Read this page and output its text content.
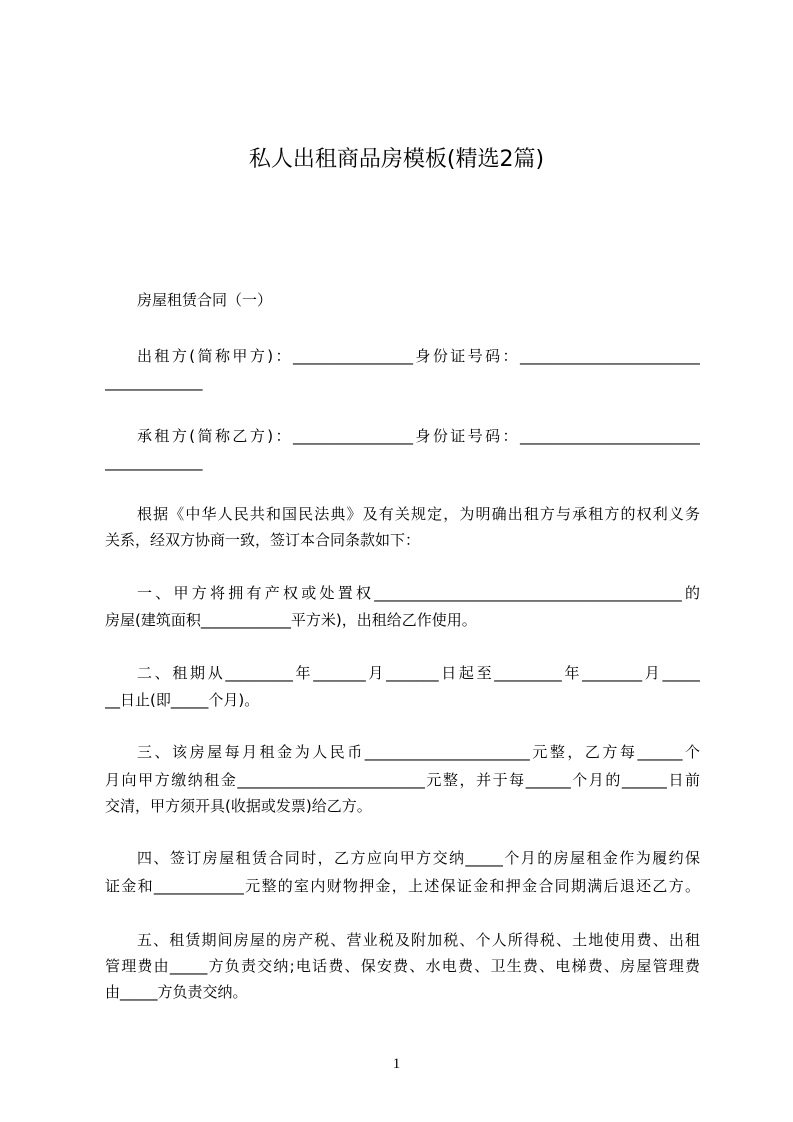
私人出租商品房模板(精选2篇)
房屋租赁合同（一）
出租方(简称甲方)：________________身份证号码：________________________
_____________
承租方(简称乙方)：________________身份证号码：________________________
_____________
根据《中华人民共和国民法典》及有关规定，为明确出租方与承租方的权利义务
关系，经双方协商一致，签订本合同条款如下：
一、甲方将拥有产权或处置权_________________________________________的
房屋(建筑面积____________平方米)，出租给乙作使用。
二、租期从_________年_______月_______日起至_________年________月_____
__日止(即_____个月)。
三、该房屋每月租金为人民币______________________元整，乙方每______个
月向甲方缴纳租金_________________________元整，并于每______个月的______日前
交清，甲方须开具(收据或发票)给乙方。
四、签订房屋租赁合同时，乙方应向甲方交纳_____个月的房屋租金作为履约保
证金和____________元整的室内财物押金，上述保证金和押金合同期满后退还乙方。
五、租赁期间房屋的房产税、营业税及附加税、个人所得税、土地使用费、出租
管理费由_____方负责交纳;电话费、保安费、水电费、卫生费、电梯费、房屋管理费
由_____方负责交纳。
1
